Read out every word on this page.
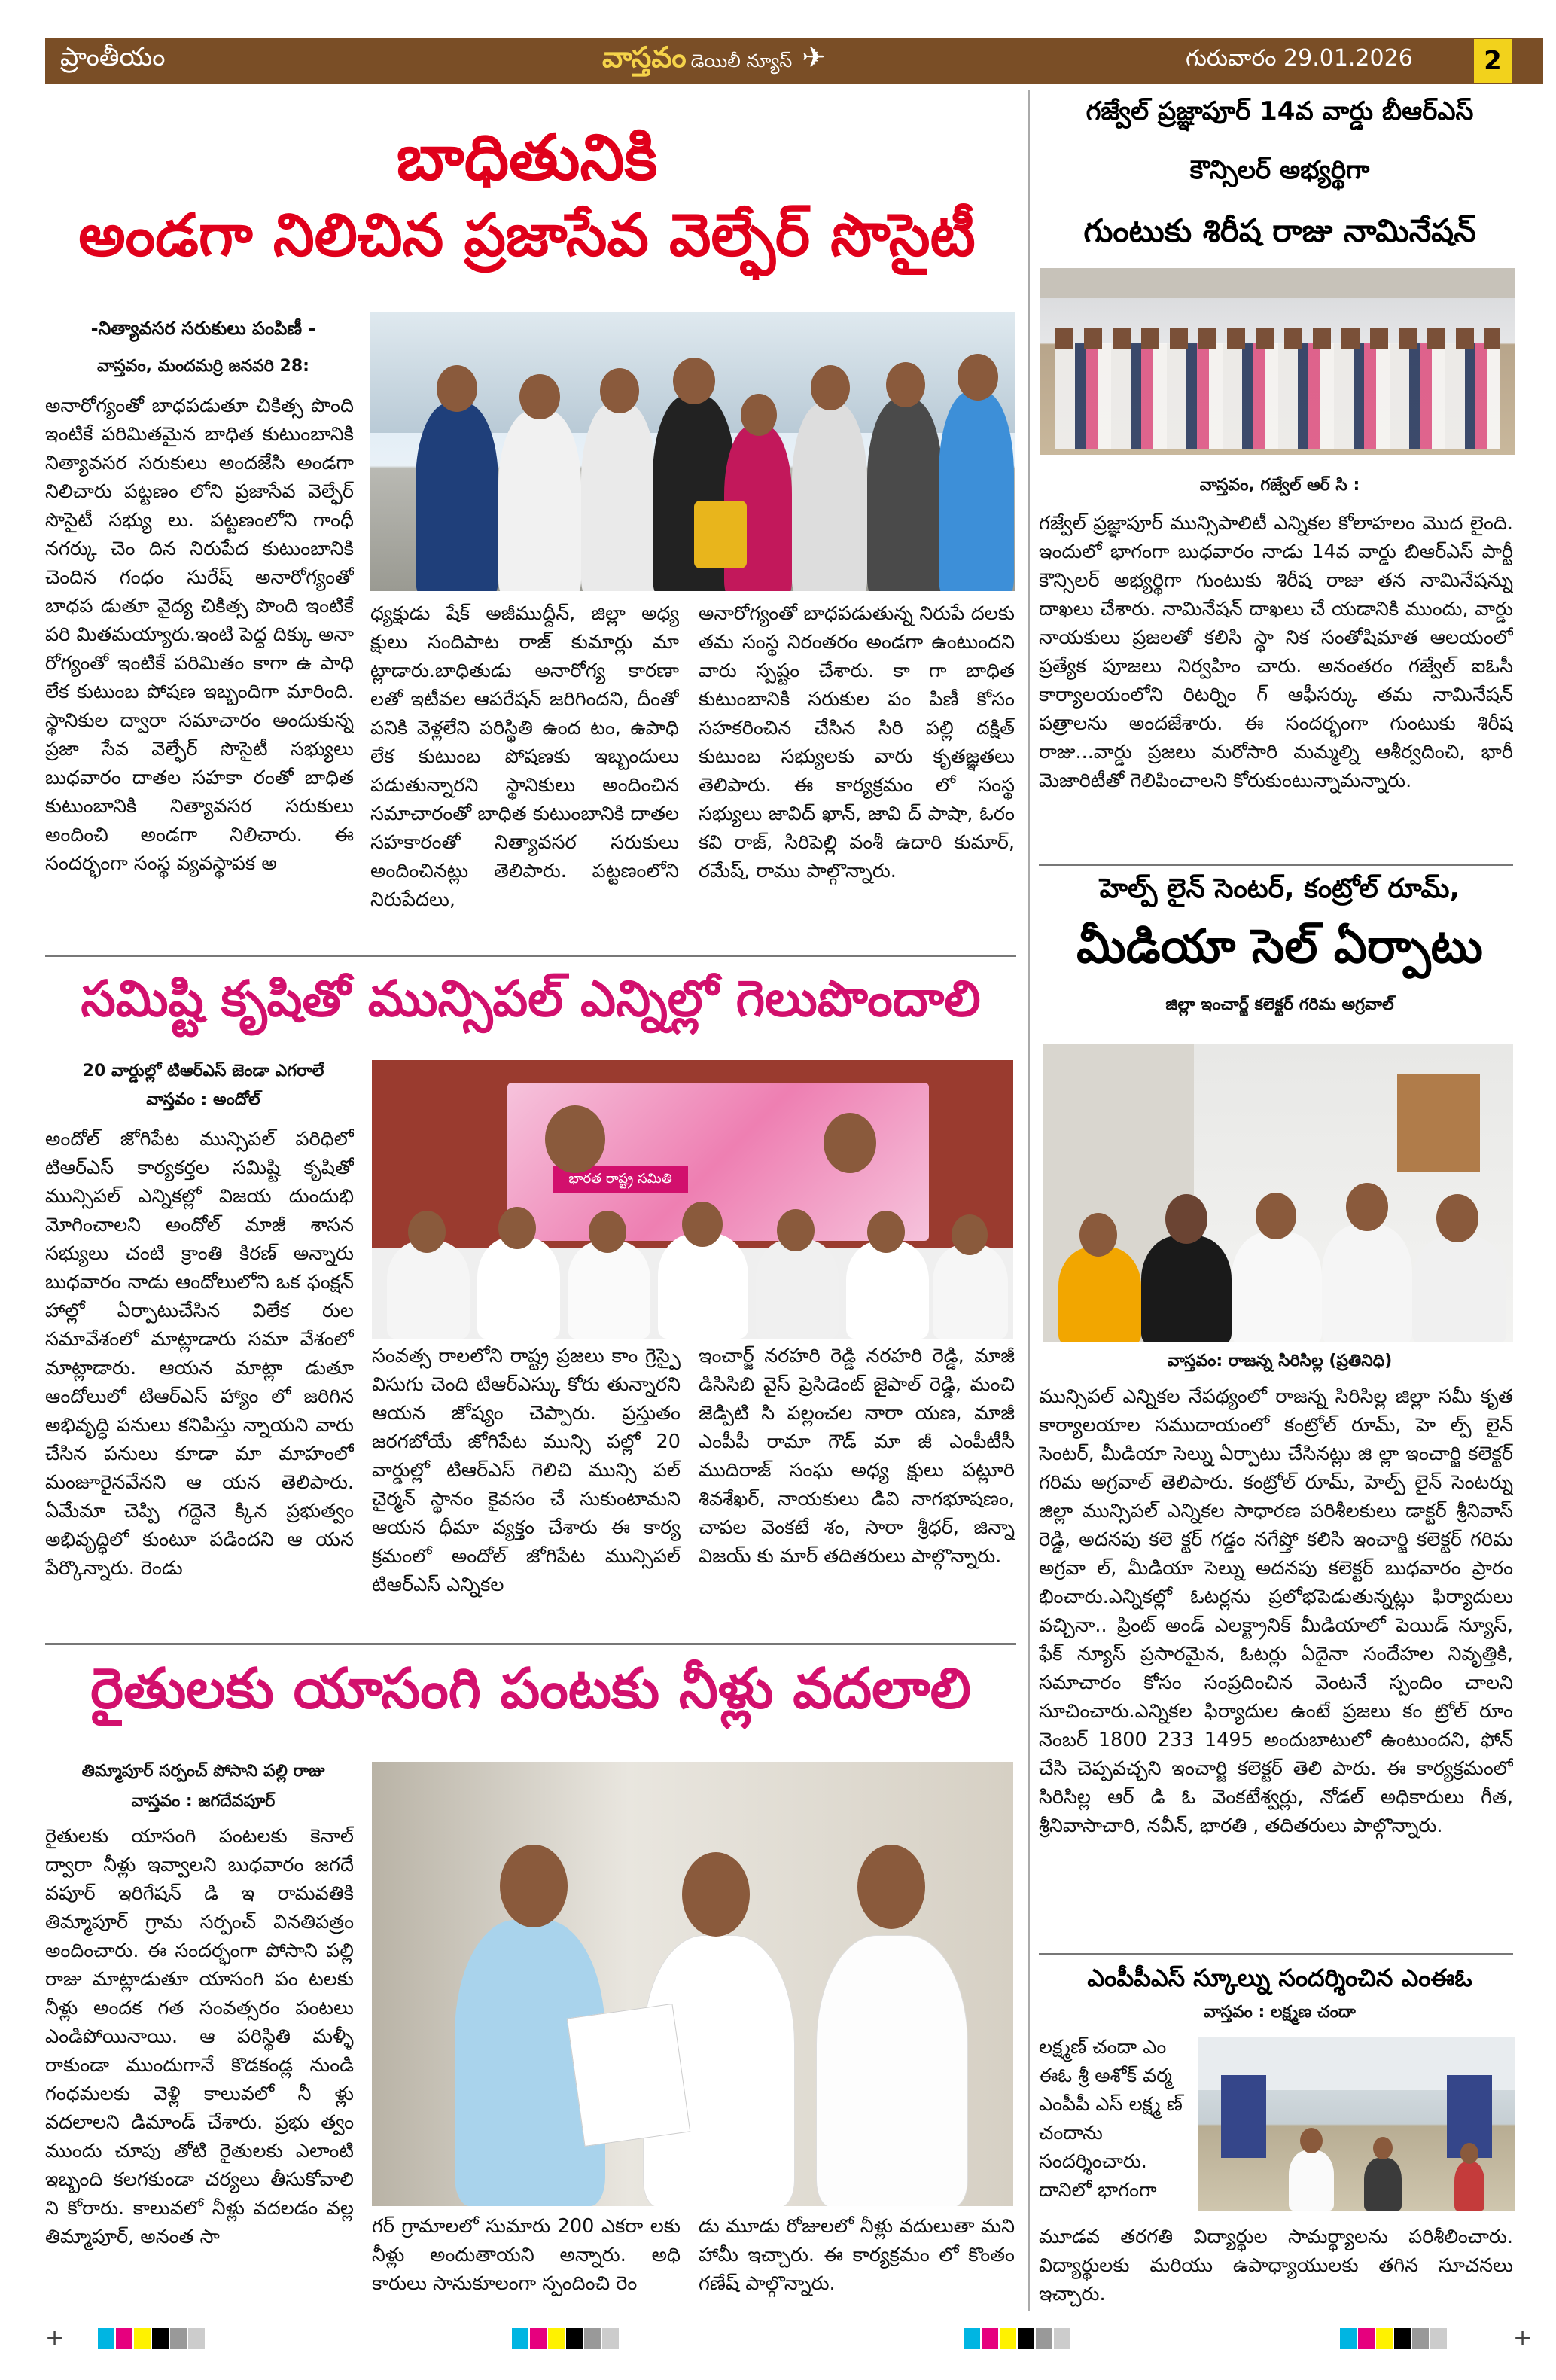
ప్రాంతీయం	వాస్తవం డెయిలీ న్యూస్ ✈	గురువారం 29.01.2026	2
బాధితునికి
అండగా నిలిచిన ప్రజాసేవ వెల్ఫేర్ సొసైటీ
-నిత్యావసర సరుకులు పంపిణీ -
వాస్తవం, మందమర్రి జనవరి 28:
అనారోగ్యంతో బాధపడుతూ చికిత్స పొంది ఇంటికే పరిమితమైన బాధిత కుటుంబానికి నిత్యావసర సరుకులు అందజేసి అండగా నిలిచారు పట్టణం లోని ప్రజాసేవ వెల్ఫేర్ సొసైటీ సభ్యు లు. పట్టణంలోని గాంధీ నగర్కు చెం దిన నిరుపేద కుటుంబానికి చెందిన గంధం సురేష్ అనారోగ్యంతో బాధప డుతూ వైద్య చికిత్స పొంది ఇంటికే పరి మితమయ్యారు.ఇంటి పెద్ద దిక్కు అనా రోగ్యంతో ఇంటికే పరిమితం కాగా ఉ పాధి లేక కుటుంబ పోషణ ఇబ్బందిగా మారింది. స్థానికుల ద్వారా సమాచారం అందుకున్న ప్రజా సేవ వెల్ఫేర్ సొసైటీ సభ్యులు బుధవారం దాతల సహకా రంతో బాధిత కుటుంబానికి నిత్యావసర సరుకులు అందించి అండగా నిలిచారు. ఈ సందర్భంగా సంస్థ వ్యవస్థాపక అ
ధ్యక్షుడు షేక్ అజీముద్దీన్, జిల్లా అధ్య క్షులు సందిపాట రాజ్ కుమార్లు మా ట్లాడారు.బాధితుడు అనారోగ్య కారణా లతో ఇటీవల ఆపరేషన్ జరిగిందని, దీంతో పనికి వెళ్లలేని పరిస్థితి ఉంద టం, ఉపాధి లేక కుటుంబ పోషణకు ఇబ్బందులు పడుతున్నారని స్థానికులు అందించిన సమాచారంతో బాధిత కుటుంబానికి దాతల సహకారంతో నిత్యావసర సరుకులు అందించినట్లు తెలిపారు. పట్టణంలోని నిరుపేదలు,
అనారోగ్యంతో బాధపడుతున్న నిరుపే దలకు తమ సంస్థ నిరంతరం అండగా ఉంటుందని వారు స్పష్టం చేశారు. కా గా బాధిత కుటుంబానికి సరుకుల పం పిణీ కోసం సహకరించిన చేసిన సిరి పల్లి దక్షిత్ కుటుంబ సభ్యులకు వారు కృతజ్ఞతలు తెలిపారు. ఈ కార్యక్రమం లో సంస్థ సభ్యులు జావిద్ ఖాన్, జావి ద్ పాషా, ఓరం కవి రాజ్, సిరిపెల్లి వంశీ ఉదారి కుమార్, రమేష్, రాము పాల్గొన్నారు.
సమిష్టి కృషితో మున్సిపల్ ఎన్నిల్లో గెలుపొందాలి
20 వార్డుల్లో టిఆర్ఎస్ జెండా ఎగరాలే
వాస్తవం : అందోల్
అందోల్ జోగిపేట మున్సిపల్ పరిధిలో టిఆర్ఎస్ కార్యకర్తల సమిష్టి కృషితో మున్సిపల్ ఎన్నికల్లో విజయ దుందుభి మోగించాలని అందోల్ మాజీ శాసన సభ్యులు చంటి క్రాంతి కిరణ్ అన్నారు బుధవారం నాడు ఆందోలులోని ఒక ఫంక్షన్ హాల్లో ఏర్పాటుచేసిన విలేక రుల సమావేశంలో మాట్లాడారు సమా వేశంలో మాట్లాడారు. ఆయన మాట్లా డుతూ ఆందోలులో టిఆర్ఎస్ హ్యాం లో జరిగిన అభివృద్ధి పనులు కనిపిస్తు న్నాయని వారు చేసిన పనులు కూడా మా మాహంలో మంజూరైనవేనని ఆ యన తెలిపారు. ఏమేమా చెప్పి గద్దెనె క్కిన ప్రభుత్వం అభివృద్ధిలో కుంటూ పడిందని ఆ యన పేర్కొన్నారు. రెండు
భారత రాష్ట్ర సమితి
సంవత్స రాలలోని రాష్ట్ర ప్రజలు కాం గ్రెస్పై విసుగు చెంది టిఆర్ఎస్కు కోరు తున్నారని ఆయన జోష్యం చెప్పారు. ప్రస్తుతం జరగబోయే జోగిపేట మున్సి పల్లో 20 వార్డుల్లో టిఆర్ఎస్ గెలిచి మున్సి పల్ చైర్మన్ స్థానం కైవసం చే సుకుంటామని ఆయన ధీమా వ్యక్తం చేశారు ఈ కార్య క్రమంలో అందోల్ జోగిపేట మున్సిపల్ టిఆర్ఎస్ ఎన్నికల
ఇంచార్జ్ నరహరి రెడ్డి నరహరి రెడ్డి, మాజీ డిసిసిబి వైస్ ప్రెసిడెంట్ జైపాల్ రెడ్డి, మంచి జెడ్పిటి సి పల్లంచల నారా యణ, మాజీ ఎంపీపీ రామా గౌడ్ మా జీ ఎంపీటీసీ ముదిరాజ్ సంఘ అధ్య క్షులు పట్లూరి శివశేఖర్, నాయకులు డివి నాగభూషణం, చాపల వెంకటే శం, సారా శ్రీధర్, జిన్నా విజయ్ కు మార్ తదితరులు పాల్గొన్నారు.
రైతులకు యాసంగి పంటకు నీళ్లు వదలాలి
తిమ్మాపూర్ సర్పంచ్ పోసాని పల్లి రాజు
వాస్తవం : జగదేవపూర్
రైతులకు యాసంగి పంటలకు కెనాల్ ద్వారా నీళ్లు ఇవ్వాలని బుధవారం జగదే వపూర్ ఇరిగేషన్ డి ఇ రామవతికి తిమ్మాపూర్ గ్రామ సర్పంచ్ వినతిపత్రం అందించారు. ఈ సందర్భంగా పోసాని పల్లి రాజు మాట్లాడుతూ యాసంగి పం టలకు నీళ్లు అందక గత సంవత్సరం పంటలు ఎండిపోయినాయి. ఆ పరిస్థితి మళ్ళీ రాకుండా ముందుగానే కొడకండ్ల నుండి గంధమలకు వెళ్లి కాలువలో నీ ళ్లు వదలాలని డిమాండ్ చేశారు. ప్రభు త్వం ముందు చూపు తోటి రైతులకు ఎలాంటి ఇబ్బంది కలగకుండా చర్యలు తీసుకోవాలి ని కోరారు. కాలువలో నీళ్లు వదలడం వల్ల తిమ్మాపూర్, అనంత సా	గర్ గ్రామాలలో సుమారు 200 ఎకరా లకు నీళ్లు అందుతాయని అన్నారు. అధి కారులు సానుకూలంగా స్పందించి రెం
డు మూడు రోజులలో నీళ్లు వదులుతా మని హామీ ఇచ్చారు. ఈ కార్యక్రమం లో కొంతం గణేష్ పాల్గొన్నారు.
గజ్వేల్ ప్రజ్ఞాపూర్ 14వ వార్డు బీఆర్ఎస్
కౌన్సిలర్ అభ్యర్థిగా
గుంటుకు శిరీష రాజు నామినేషన్
వాస్తవం, గజ్వేల్ ఆర్ సి :
గజ్వేల్ ప్రజ్ఞాపూర్ మున్సిపాలిటీ ఎన్నికల కోలాహలం మొద లైంది. ఇందులో భాగంగా బుధవారం నాడు 14వ వార్డు బిఆర్ఎస్ పార్టీ కౌన్సిలర్ అభ్యర్థిగా గుంటుకు శిరీష రాజు తన నామినేషన్ను దాఖలు చేశారు. నామినేషన్ దాఖలు చే యడానికి ముందు, వార్డు నాయకులు ప్రజలతో కలిసి స్థా నిక సంతోషిమాత ఆలయంలో ప్రత్యేక పూజలు నిర్వహిం చారు. అనంతరం గజ్వేల్ ఐఓసీ కార్యాలయంలోని రిటర్నిం గ్ ఆఫీసర్కు తమ నామినేషన్ పత్రాలను అందజేశారు. ఈ సందర్భంగా గుంటుకు శిరీష రాజు...వార్డు ప్రజలు మరోసారి మమ్మల్ని ఆశీర్వదించి, భారీ మెజారిటీతో గెలిపించాలని కోరుకుంటున్నామన్నారు.
హెల్ప్ లైన్ సెంటర్, కంట్రోల్ రూమ్,
మీడియా సెల్ ఏర్పాటు
జిల్లా ఇంచార్జ్ కలెక్టర్ గరిమ అగ్రవాల్
వాస్తవం: రాజన్న సిరిసిల్ల (ప్రతినిధి)
మున్సిపల్ ఎన్నికల నేపథ్యంలో రాజన్న సిరిసిల్ల జిల్లా సమీ కృత కార్యాలయాల సముదాయంలో కంట్రోల్ రూమ్, హె ల్ప్ లైన్ సెంటర్, మీడియా సెల్ను ఏర్పాటు చేసినట్లు జి ల్లా ఇంచార్జి కలెక్టర్ గరిమ అగ్రవాల్ తెలిపారు. కంట్రోల్ రూమ్, హెల్ప్ లైన్ సెంటర్ను జిల్లా మున్సిపల్ ఎన్నికల సాధారణ పరిశీలకులు డాక్టర్ శ్రీనివాస్ రెడ్డి, అదనపు కలె క్టర్ గడ్డం నగేష్తో కలిసి ఇంచార్జి కలెక్టర్ గరిమ అగ్రవా ల్, మీడియా సెల్ను అదనపు కలెక్టర్ బుధవారం ప్రారం భించారు.ఎన్నికల్లో ఓటర్లను ప్రలోభపెడుతున్నట్లు ఫిర్యాదులు వచ్చినా.. ప్రింట్ అండ్ ఎలక్ట్రానిక్ మీడియాలో పెయిడ్ న్యూస్, ఫేక్ న్యూస్ ప్రసారమైన, ఓటర్లు ఏదైనా సందేహల నివృత్తికి, సమాచారం కోసం సంప్రదించిన వెంటనే స్పందిం చాలని సూచించారు.ఎన్నికల ఫిర్యాదుల ఉంటే ప్రజలు కం ట్రోల్ రూం నెంబర్ 1800 233 1495 అందుబాటులో ఉంటుందని, ఫోన్ చేసి చెప్పవచ్చని ఇంచార్జి కలెక్టర్ తెలి పారు. ఈ కార్యక్రమంలో సిరిసిల్ల ఆర్ డి ఓ వెంకటేశ్వర్లు, నోడల్ అధికారులు గీత, శ్రీనివాసాచారి, నవీన్, భారతి , తదితరులు పాల్గొన్నారు.
ఎంపీపీఎస్ స్కూల్ను సందర్శించిన ఎంఈఓ
వాస్తవం : లక్ష్మణ చందా
లక్ష్మణ్ చందా ఎం ఈఓ శ్రీ అశోక్ వర్మ ఎంపీపీ ఎస్ లక్ష్మ ణ్ చందాను సందర్శించారు. దానిలో భాగంగా
మూడవ తరగతి విద్యార్థుల సామర్థ్యాలను పరిశీలించారు. విద్యార్థులకు మరియు ఉపాధ్యాయులకు తగిన సూచనలు ఇచ్చారు.
+	+
